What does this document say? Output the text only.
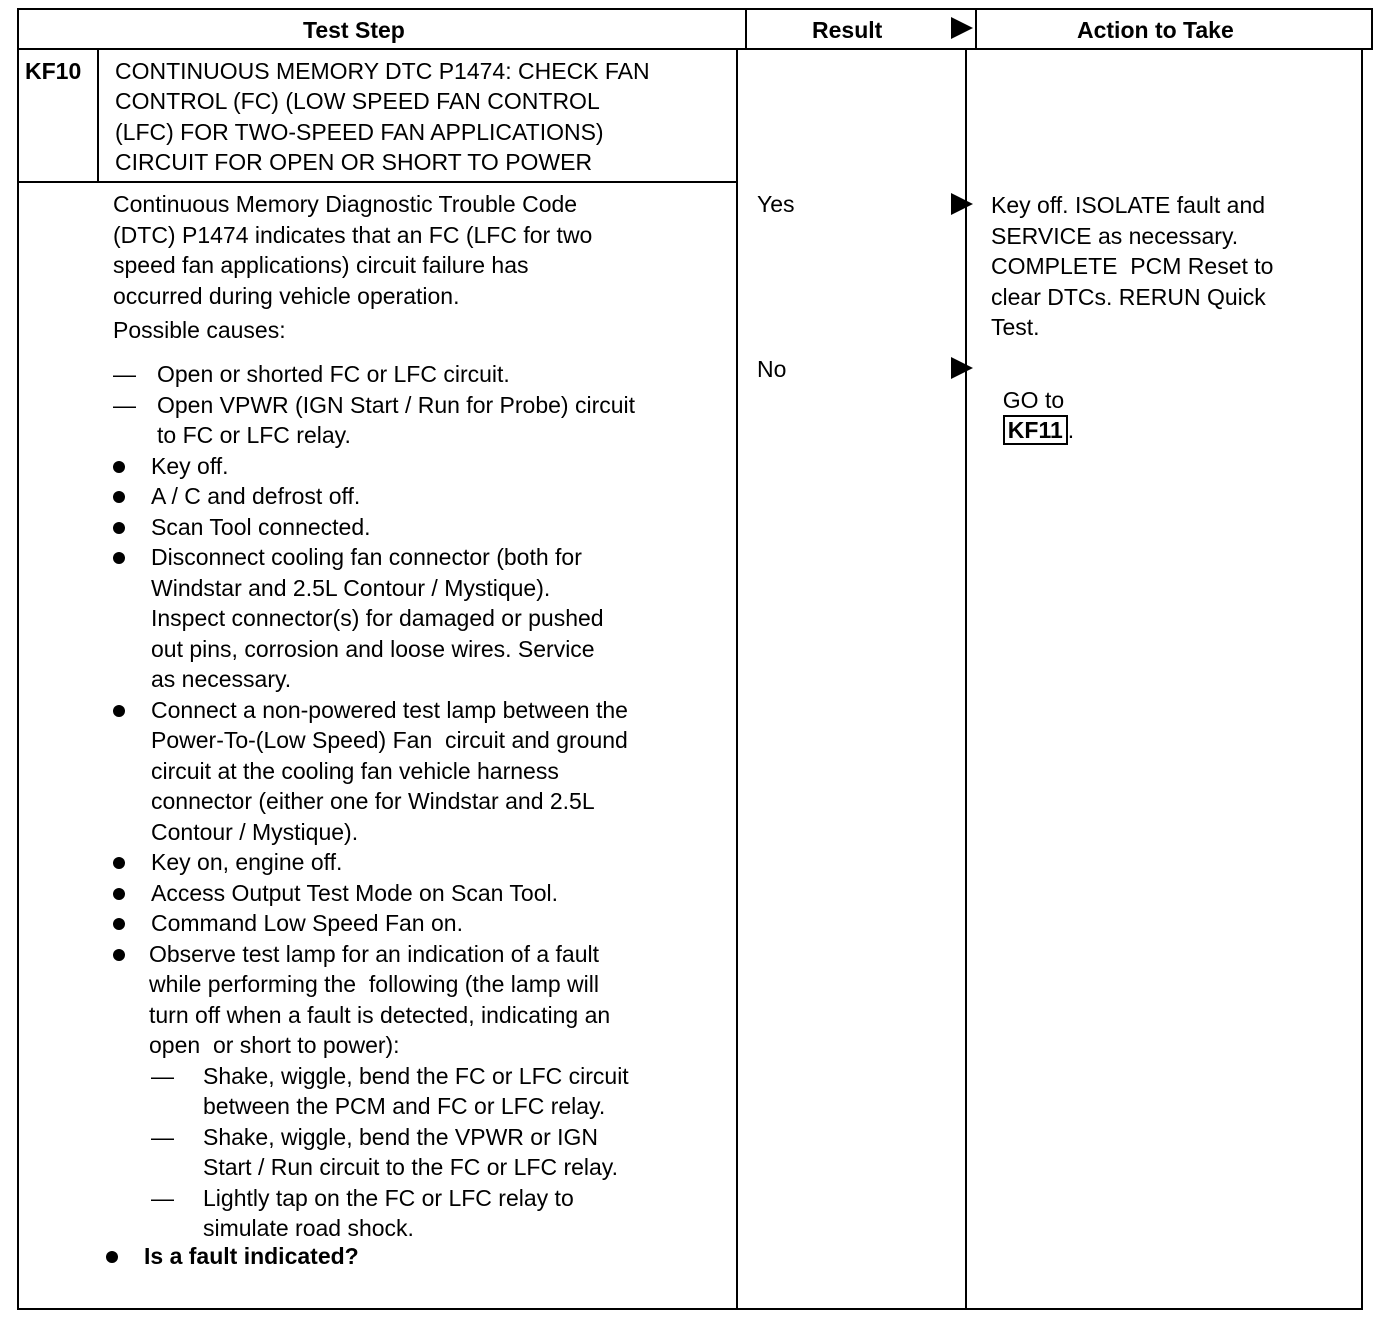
Test Step	Result	Action to Take
KF10 CONTINUOUS MEMORY DTC P1474: CHECK FAN
CONTROL (FC) (LOW SPEED FAN CONTROL
(LFC) FOR TWO-SPEED FAN APPLICATIONS)
CIRCUIT FOR OPEN OR SHORT TO POWER
Continuous Memory Diagnostic Trouble Code
(DTC) P1474 indicates that an FC (LFC for two
speed fan applications) circuit failure has
occurred during vehicle operation.
Possible causes:
— Open or shorted FC or LFC circuit.
— Open VPWR (IGN Start / Run for Probe) circuit
to FC or LFC relay.
Key off.
A / C and defrost off.
Scan Tool connected.
Disconnect cooling fan connector (both for
Windstar and 2.5L Contour / Mystique).
Inspect connector(s) for damaged or pushed
out pins, corrosion and loose wires. Service
as necessary.
Connect a non-powered test lamp between the
Power-To-(Low Speed) Fan  circuit and ground
circuit at the cooling fan vehicle harness
connector (either one for Windstar and 2.5L
Contour / Mystique).
Key on, engine off.
Access Output Test Mode on Scan Tool.
Command Low Speed Fan on.
Observe test lamp for an indication of a fault
while performing the  following (the lamp will
turn off when a fault is detected, indicating an
open  or short to power):
— Shake, wiggle, bend the FC or LFC circuit
between the PCM and FC or LFC relay.
— Shake, wiggle, bend the VPWR or IGN
Start / Run circuit to the FC or LFC relay.
— Lightly tap on the FC or LFC relay to
simulate road shock.
Is a fault indicated?
Yes
No
Key off. ISOLATE fault and
SERVICE as necessary.
COMPLETE  PCM Reset to
clear DTCs. RERUN Quick
Test.

GO to
KF11 .
